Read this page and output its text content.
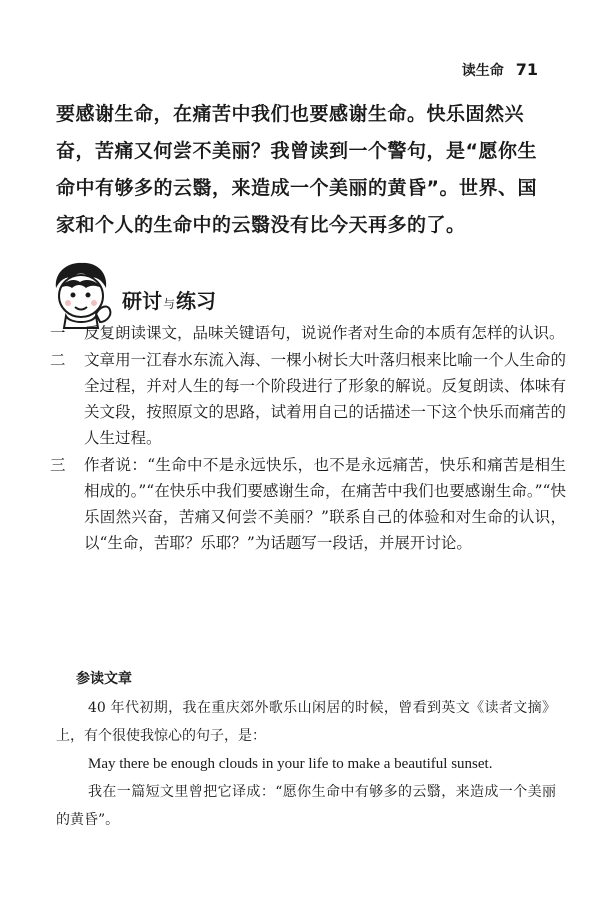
读生命 71

要感谢生命，在痛苦中我们也要感谢生命。快乐固然兴奋，苦痛又何尝不美丽？我曾读到一个警句，是“愿你生命中有够多的云翳，来造成一个美丽的黄昏”。世界、国家和个人的生命中的云翳没有比今天再多的了。

研讨与练习
一	反复朗读课文，品味关键语句，说说作者对生命的本质有怎样的认识。
二	文章用一江春水东流入海、一棵小树长大叶落归根来比喻一个人生命的全过程，并对人生的每一个阶段进行了形象的解说。反复朗读、体味有关文段，按照原文的思路，试着用自己的话描述一下这个快乐而痛苦的人生过程。
三	作者说：“生命中不是永远快乐，也不是永远痛苦，快乐和痛苦是相生相成的。”“在快乐中我们要感谢生命，在痛苦中我们也要感谢生命。”“快乐固然兴奋，苦痛又何尝不美丽？”联系自己的体验和对生命的认识，以“生命，苦耶？乐耶？”为话题写一段话，并展开讨论。
参读文章

40 年代初期，我在重庆郊外歌乐山闲居的时候，曾看到英文《读者文摘》上，有个很使我惊心的句子，是：

May there be enough clouds in your life to make a beautiful sunset.

我在一篇短文里曾把它译成：“愿你生命中有够多的云翳，来造成一个美丽的黄昏”。
